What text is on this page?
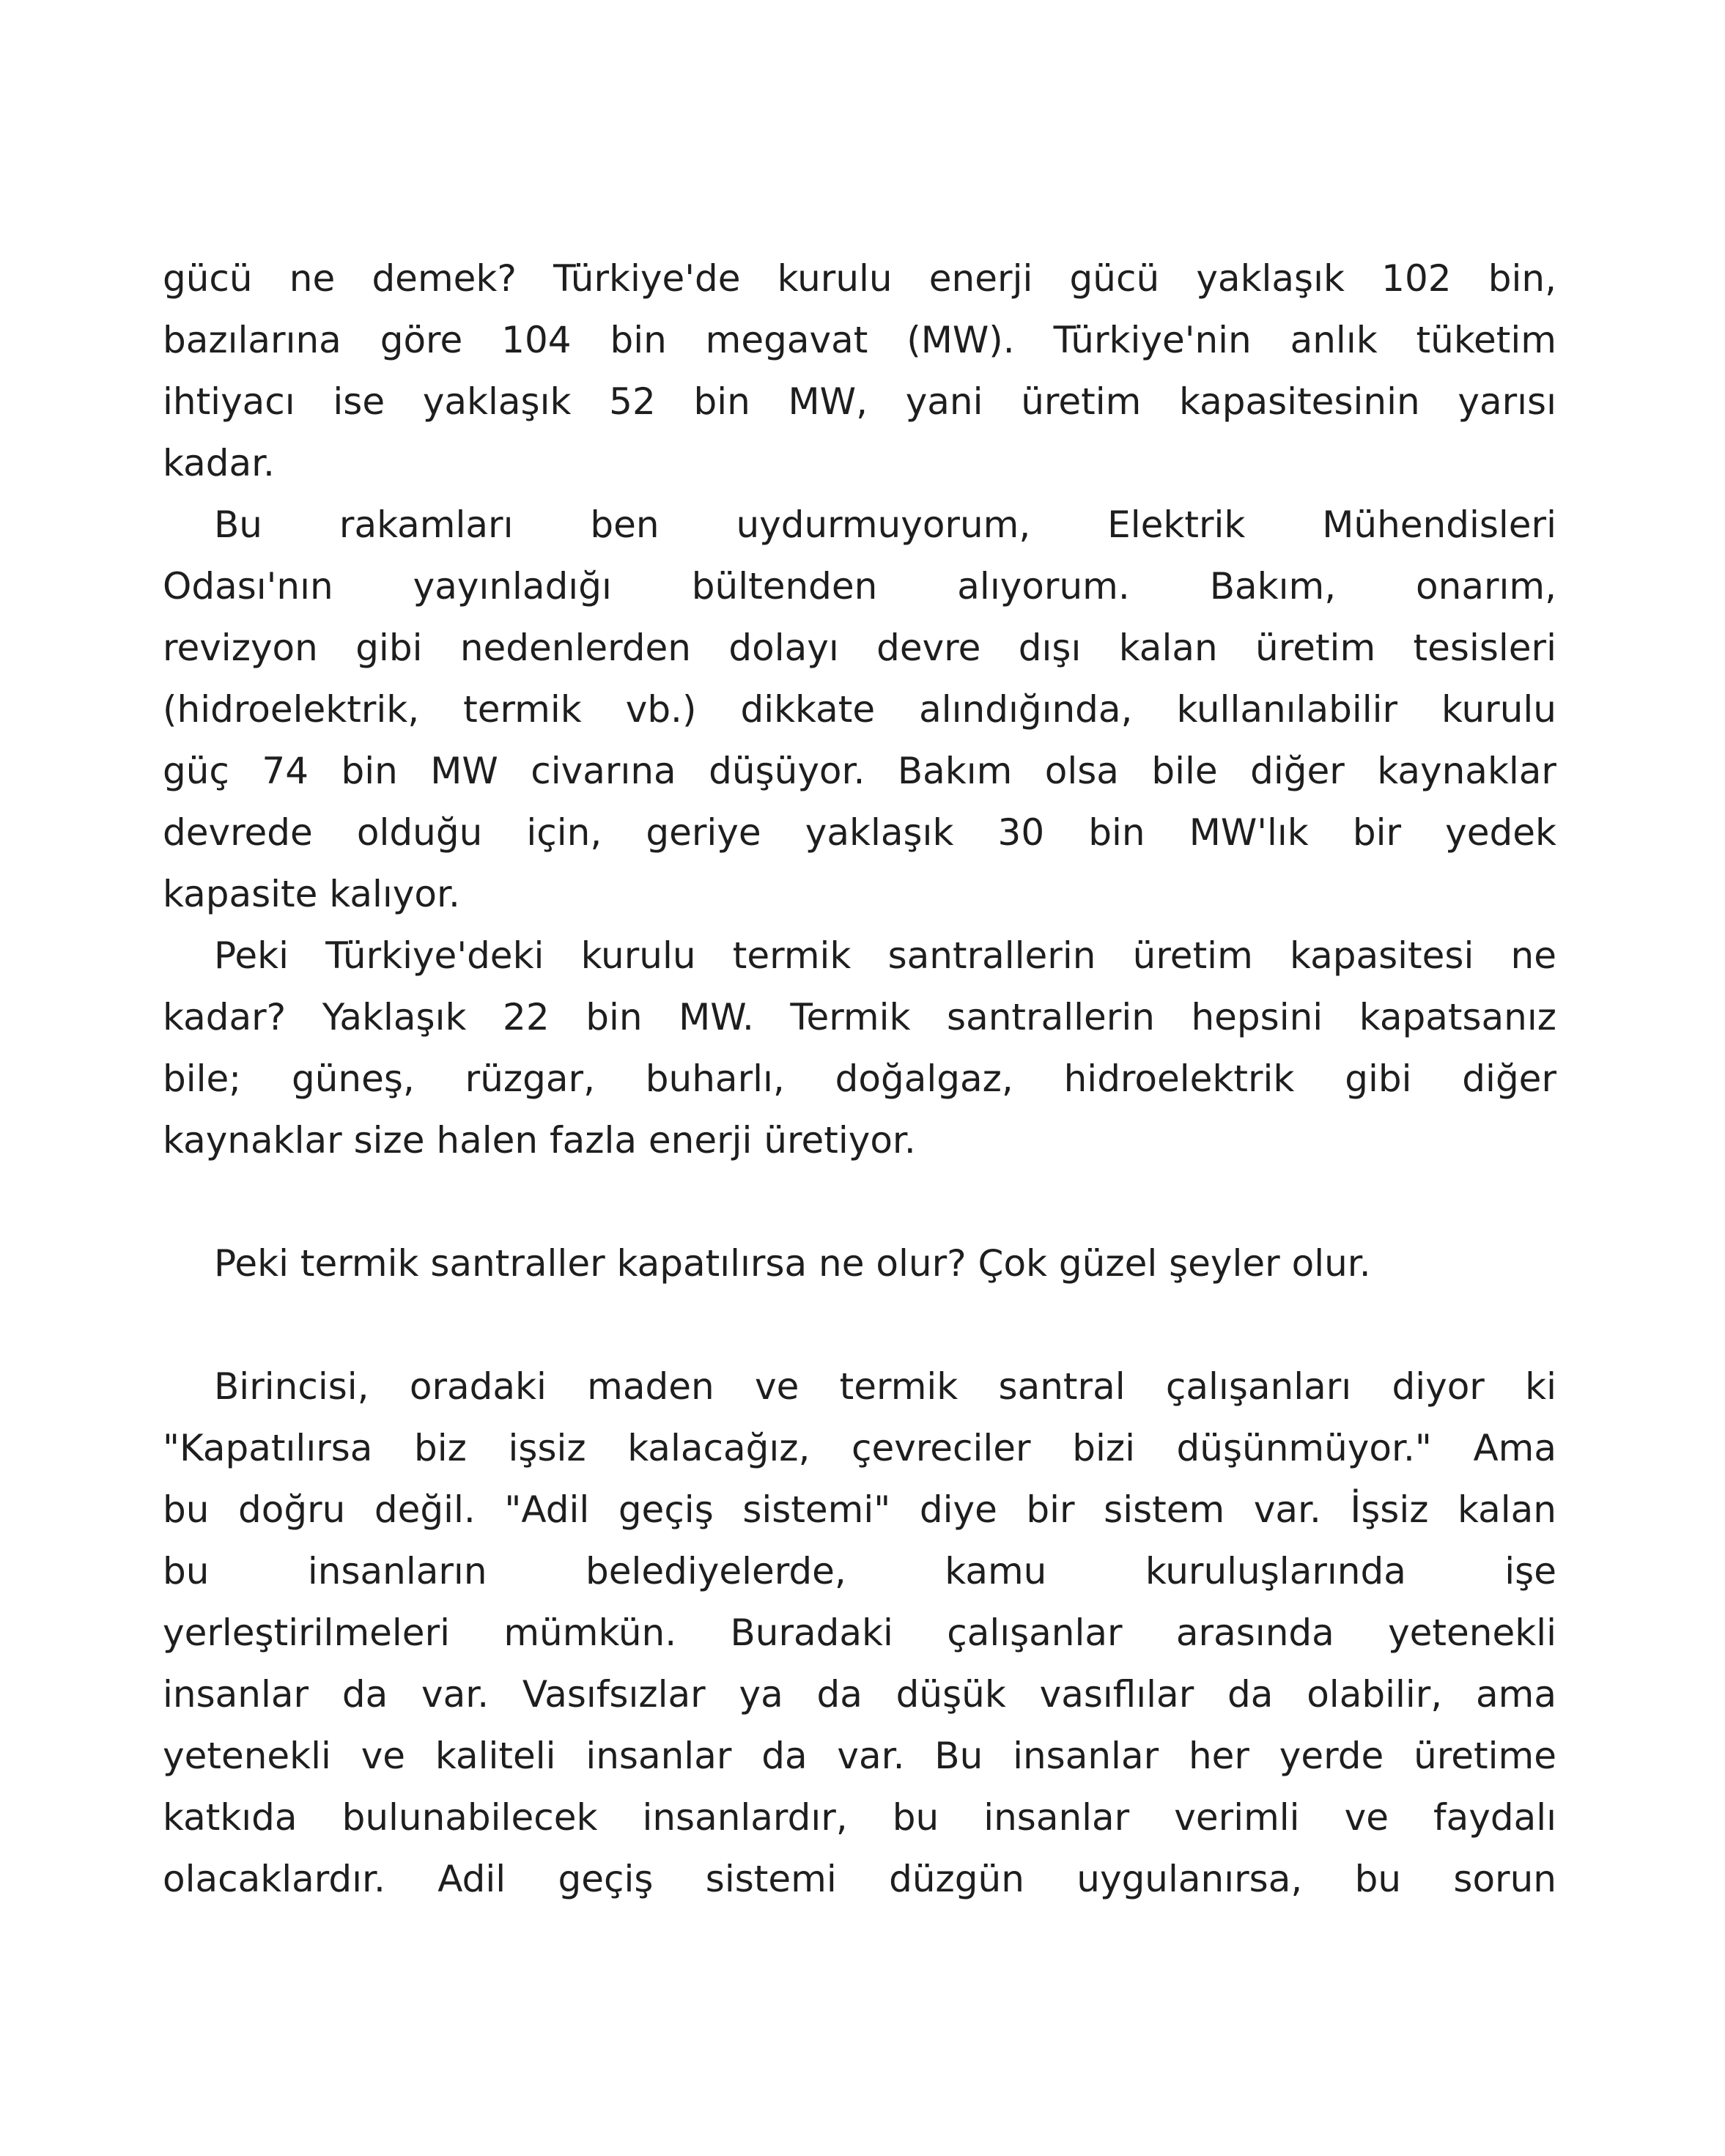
gücü ne demek? Türkiye'de kurulu enerji gücü yaklaşık 102 bin,
bazılarına göre 104 bin megavat (MW). Türkiye'nin anlık tüketim
ihtiyacı ise yaklaşık 52 bin MW, yani üretim kapasitesinin yarısı
kadar.
Bu rakamları ben uydurmuyorum, Elektrik Mühendisleri
Odası'nın yayınladığı bültenden alıyorum. Bakım, onarım,
revizyon gibi nedenlerden dolayı devre dışı kalan üretim tesisleri
(hidroelektrik, termik vb.) dikkate alındığında, kullanılabilir kurulu
güç 74 bin MW civarına düşüyor. Bakım olsa bile diğer kaynaklar
devrede olduğu için, geriye yaklaşık 30 bin MW'lık bir yedek
kapasite kalıyor.
Peki Türkiye'deki kurulu termik santrallerin üretim kapasitesi ne
kadar? Yaklaşık 22 bin MW. Termik santrallerin hepsini kapatsanız
bile; güneş, rüzgar, buharlı, doğalgaz, hidroelektrik gibi diğer
kaynaklar size halen fazla enerji üretiyor.
Peki termik santraller kapatılırsa ne olur? Çok güzel şeyler olur.
Birincisi, oradaki maden ve termik santral çalışanları diyor ki
"Kapatılırsa biz işsiz kalacağız, çevreciler bizi düşünmüyor." Ama
bu doğru değil. "Adil geçiş sistemi" diye bir sistem var. İşsiz kalan
bu insanların belediyelerde, kamu kuruluşlarında işe
yerleştirilmeleri mümkün. Buradaki çalışanlar arasında yetenekli
insanlar da var. Vasıfsızlar ya da düşük vasıflılar da olabilir, ama
yetenekli ve kaliteli insanlar da var. Bu insanlar her yerde üretime
katkıda bulunabilecek insanlardır, bu insanlar verimli ve faydalı
olacaklardır. Adil geçiş sistemi düzgün uygulanırsa, bu sorun
